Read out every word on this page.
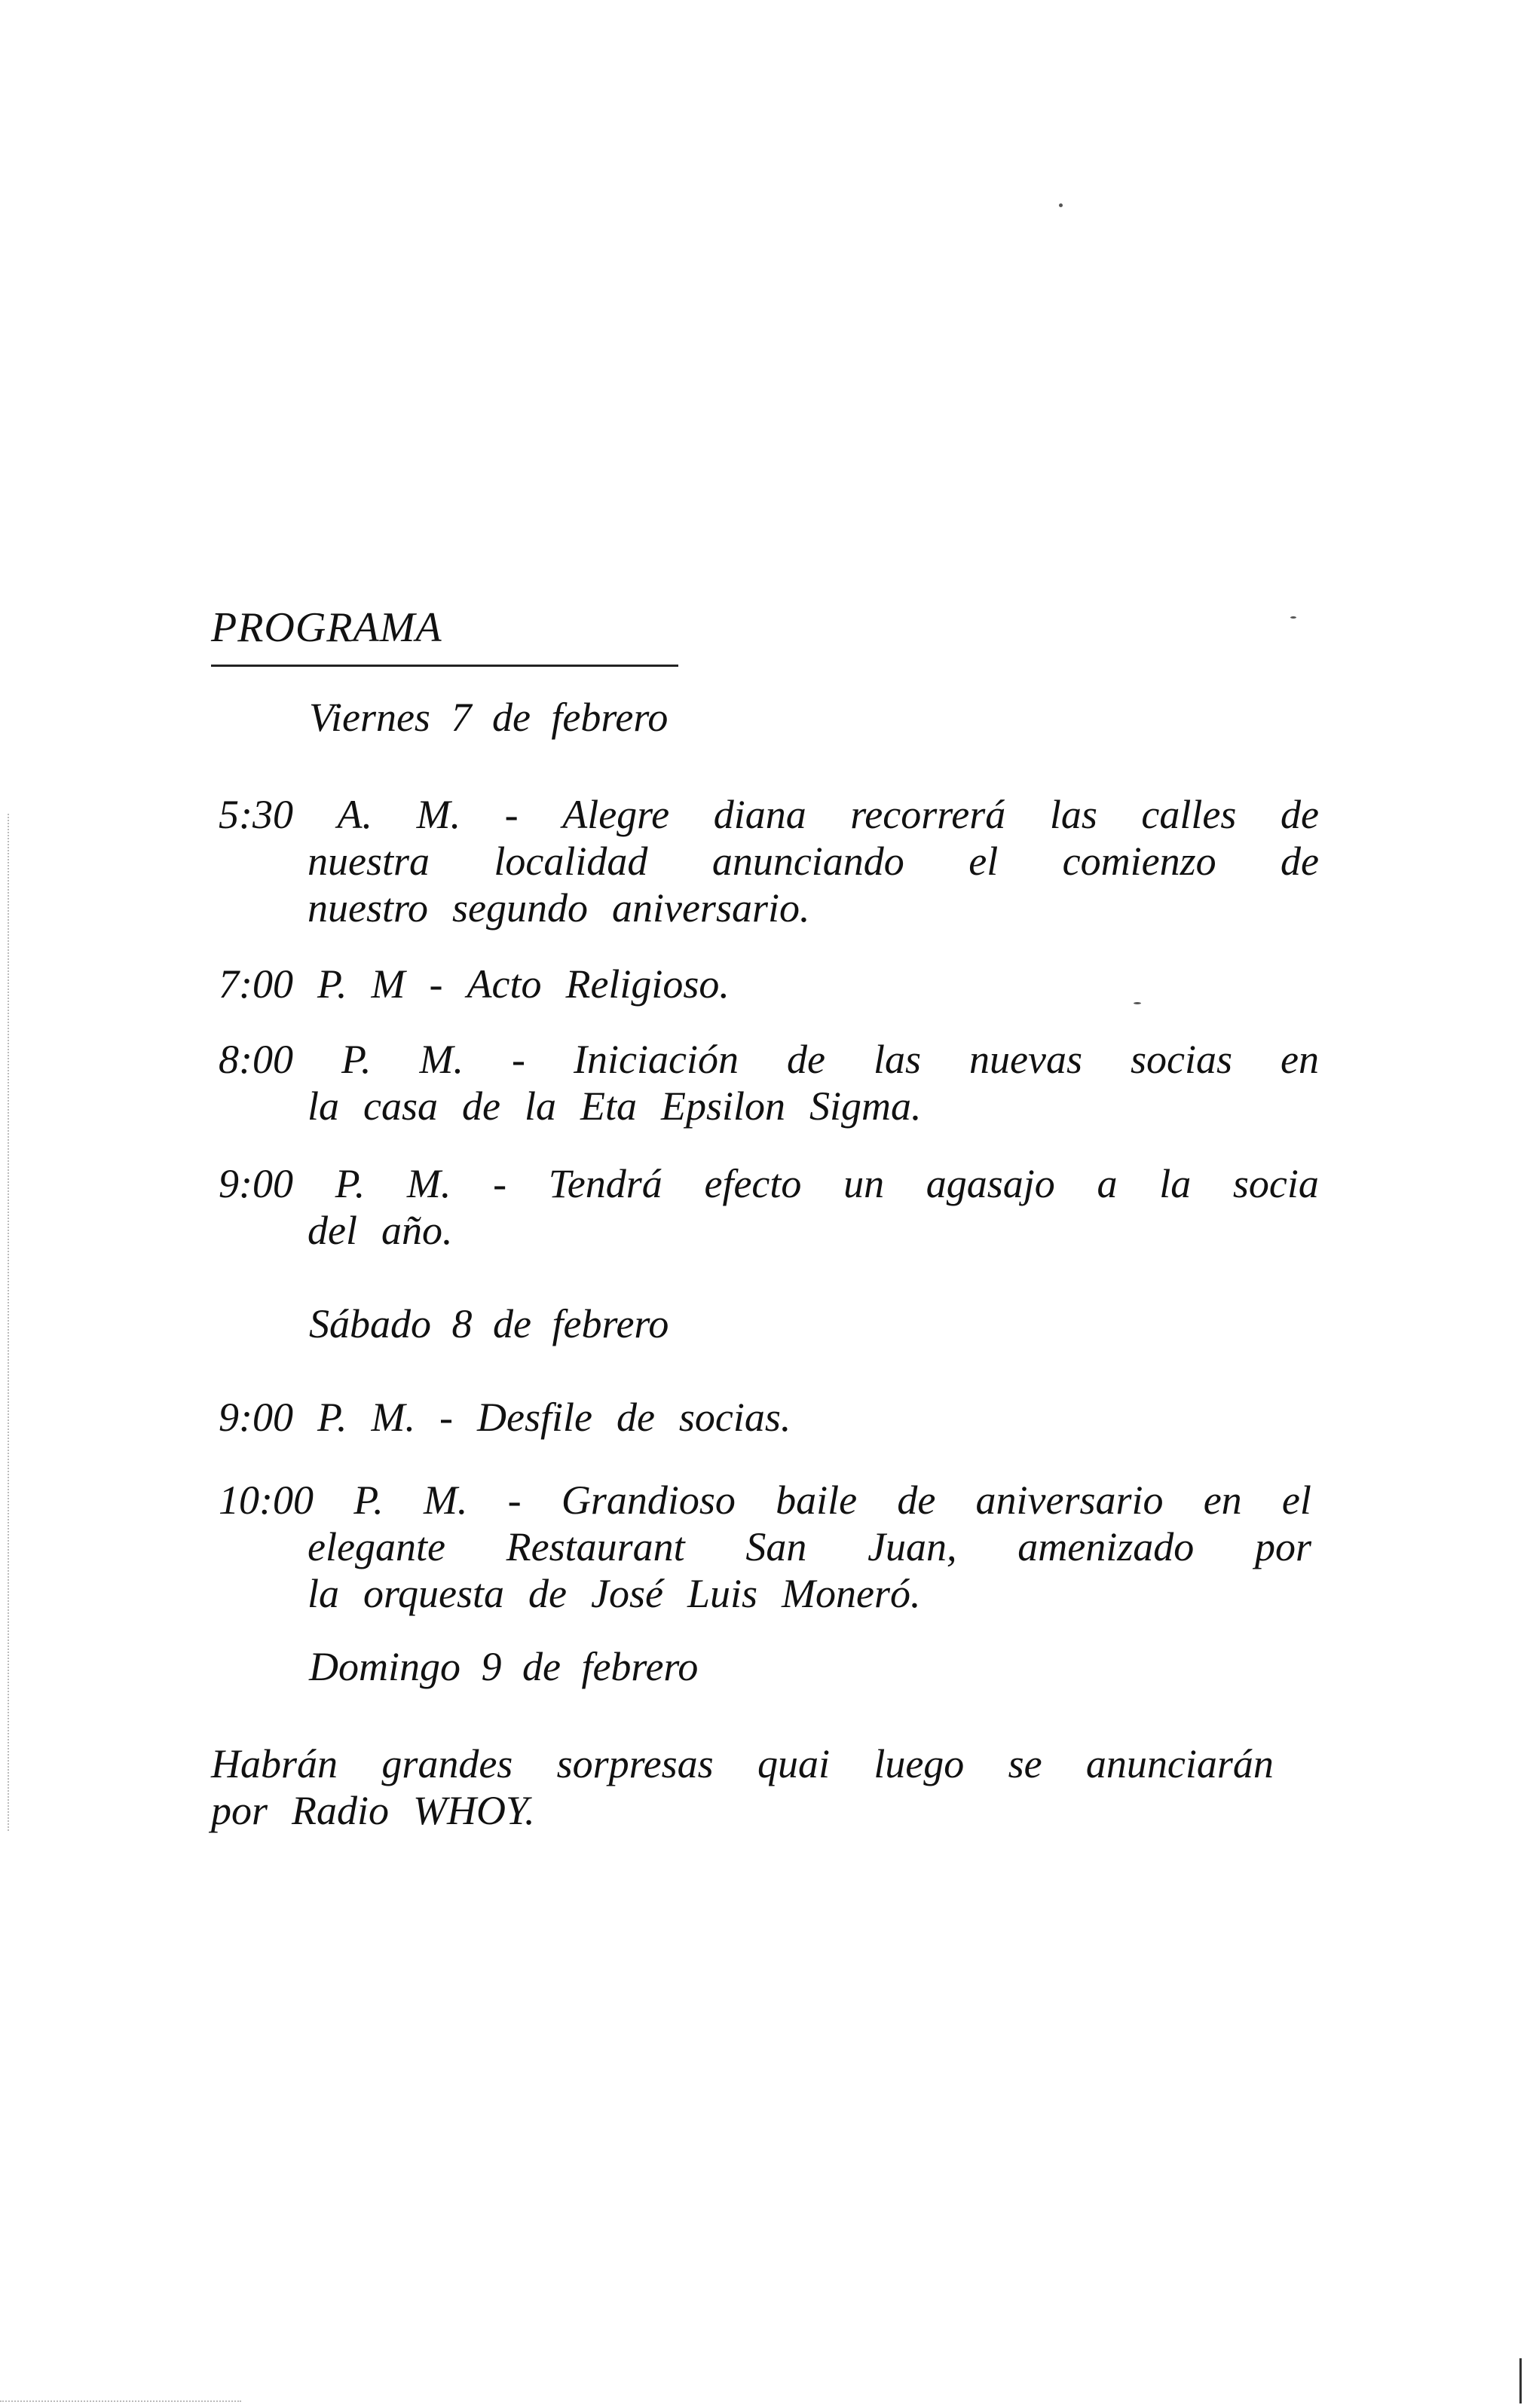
PROGRAMA
Viernes 7 de febrero
5:30 A. M. - Alegre diana recorrerá las calles de
nuestra localidad anunciando el comienzo de
nuestro segundo aniversario.
7:00 P. M - Acto Religioso.
8:00 P. M. - Iniciación de las nuevas socias en
la casa de la Eta Epsilon Sigma.
9:00 P. M. - Tendrá efecto un agasajo a la socia
del año.
Sábado 8 de febrero
9:00 P. M. - Desfile de socias.
10:00 P. M. - Grandioso baile de aniversario en el
elegante Restaurant San Juan, amenizado por
la orquesta de José Luis Moneró.
Domingo 9 de febrero
Habrán grandes sorpresas quai luego se anunciarán
por Radio WHOY.
